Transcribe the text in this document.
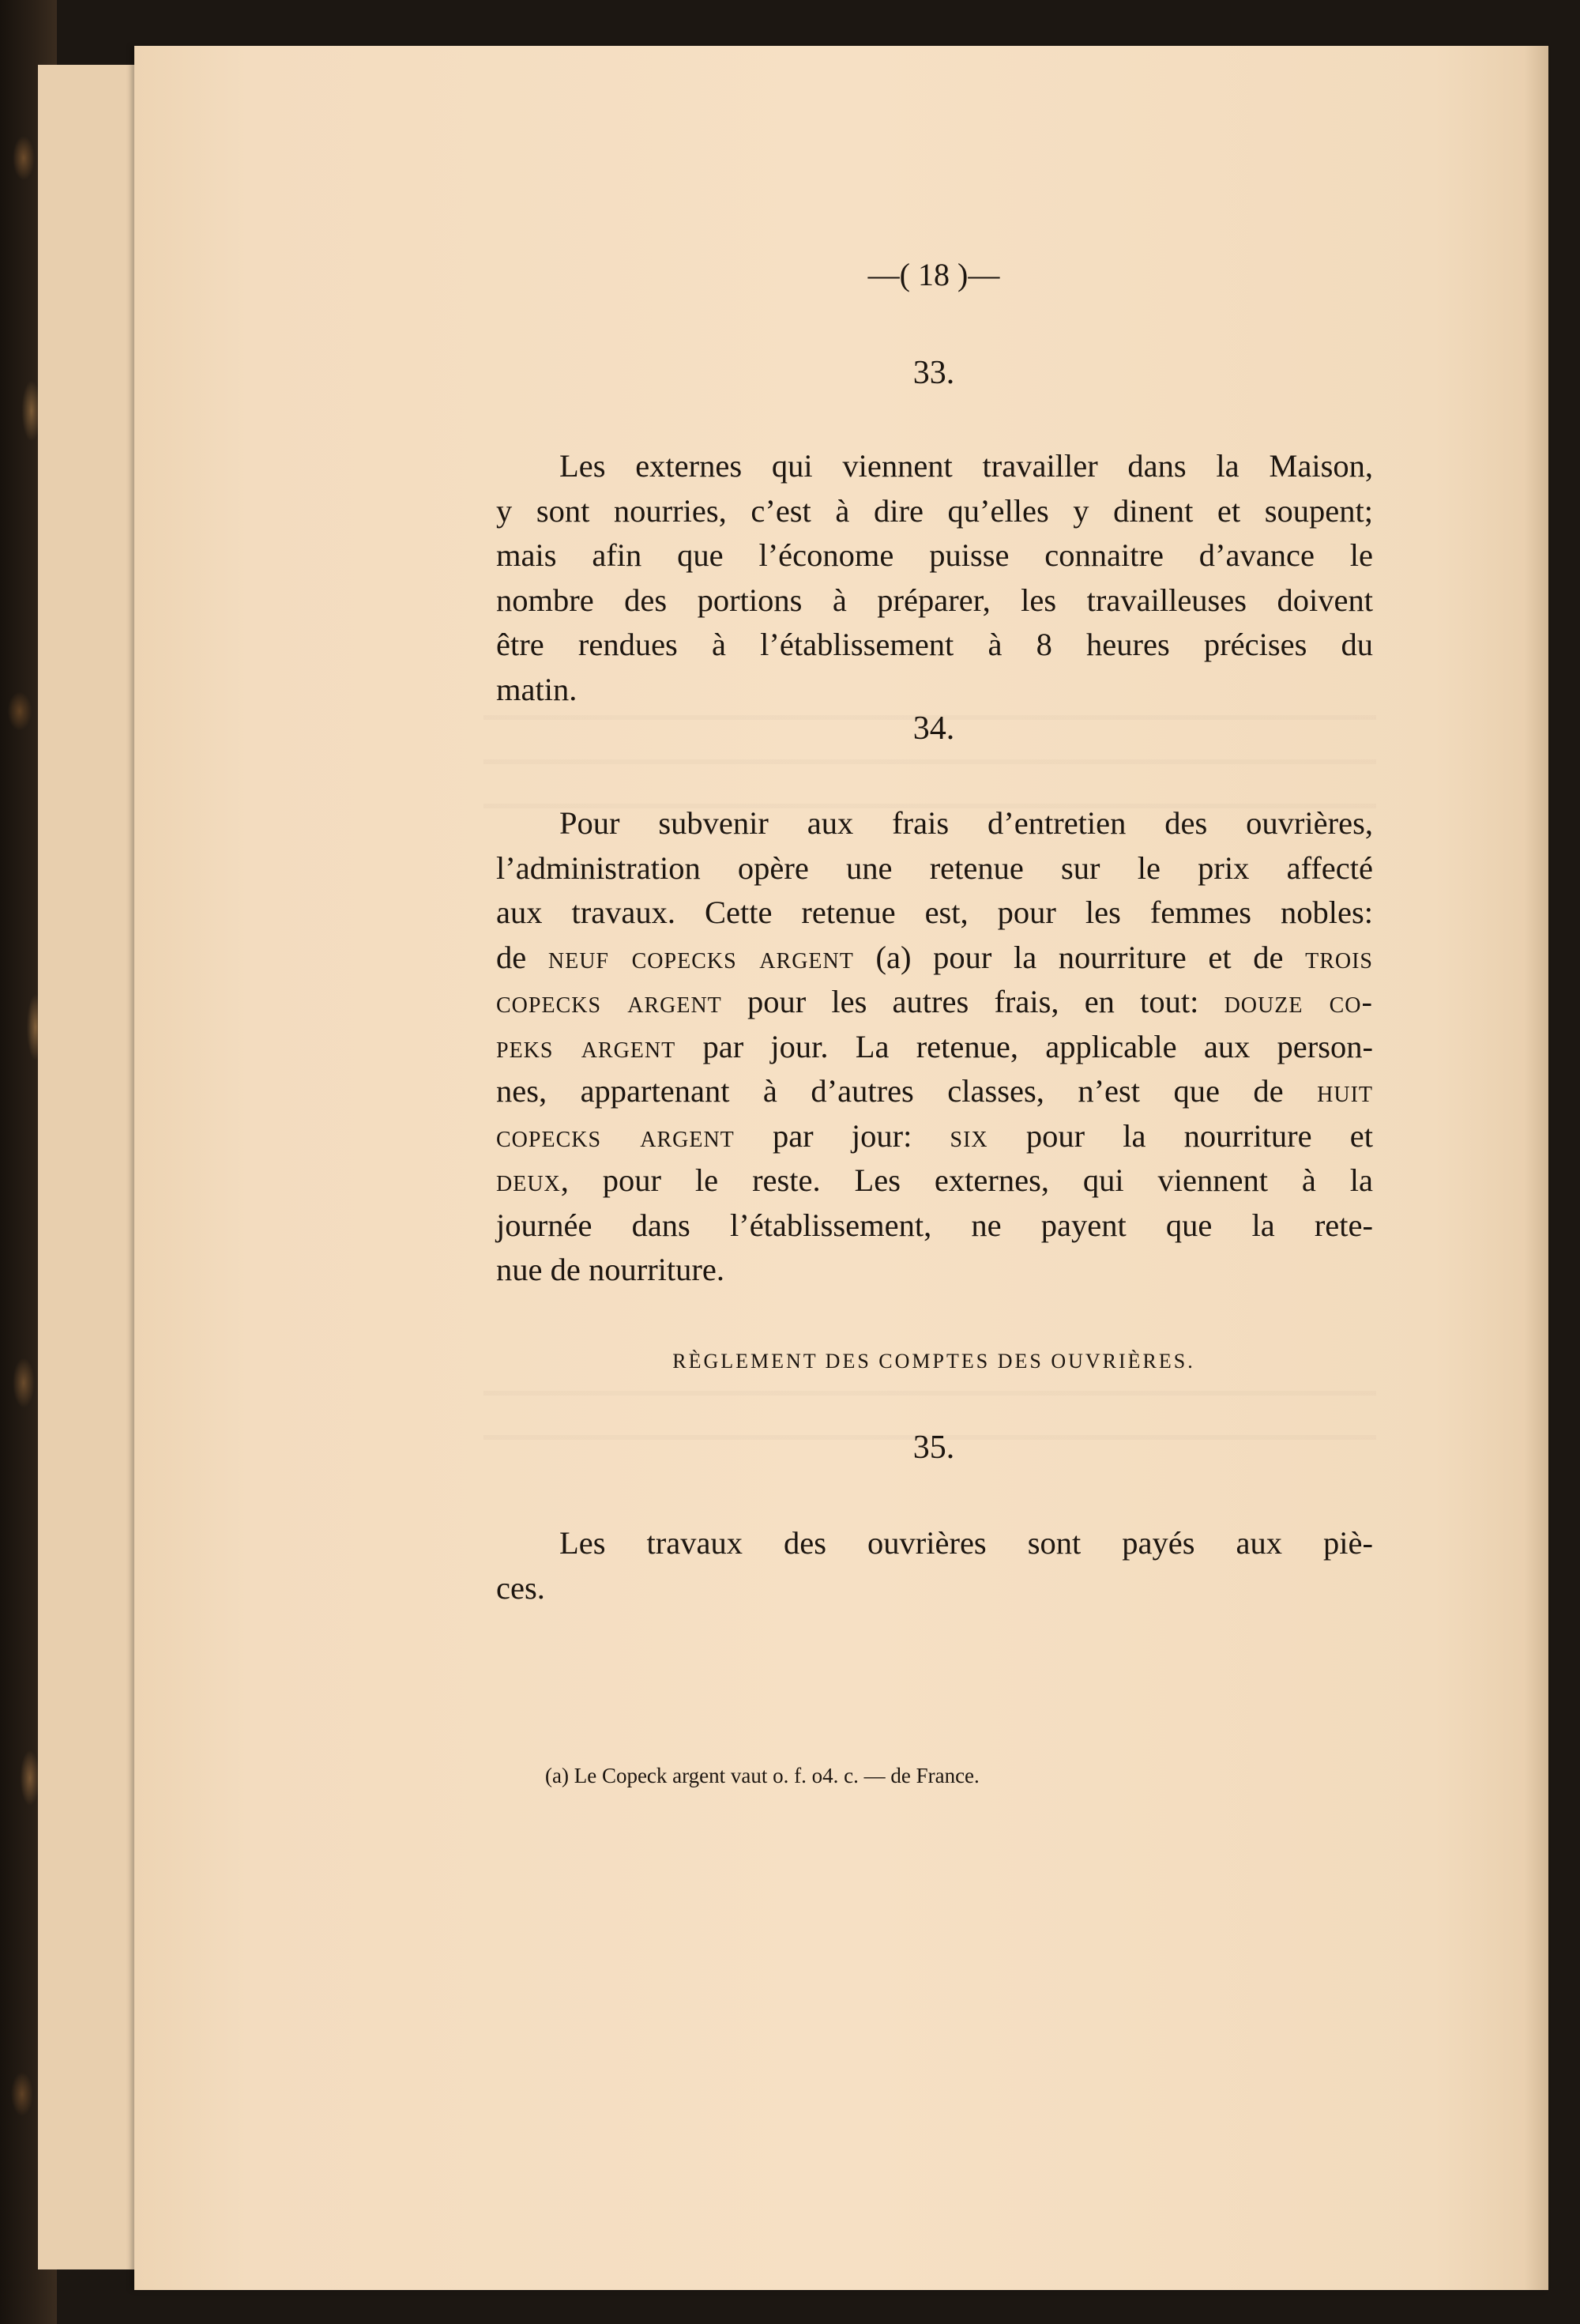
—( 18 )—
33.

Les externes qui viennent travailler dans la Maison,

y sont nourries, c’est à dire qu’elles y dinent et soupent;

mais afin que l’économe puisse connaitre d’avance le

nombre des portions à préparer, les travailleuses doivent

être rendues à l’établissement à 8 heures précises du

matin.

34.

Pour subvenir aux frais d’entretien des ouvrières,

l’administration opère une retenue sur le prix affecté

aux travaux. Cette retenue est, pour les femmes nobles:

de neuf copecks argent (a) pour la nourriture et de trois

copecks argent pour les autres frais, en tout: douze co-

peks argent par jour. La retenue, applicable aux person-

nes, appartenant à d’autres classes, n’est que de huit

copecks argent par jour: six pour la nourriture et

deux, pour le reste. Les externes, qui viennent à la

journée dans l’établissement, ne payent que la rete-

nue de nourriture.

RÈGLEMENT DES COMPTES DES OUVRIÈRES.
35.

Les travaux des ouvrières sont payés aux piè-

ces.

(a) Le Copeck argent vaut o. f. o4. c. — de France.
